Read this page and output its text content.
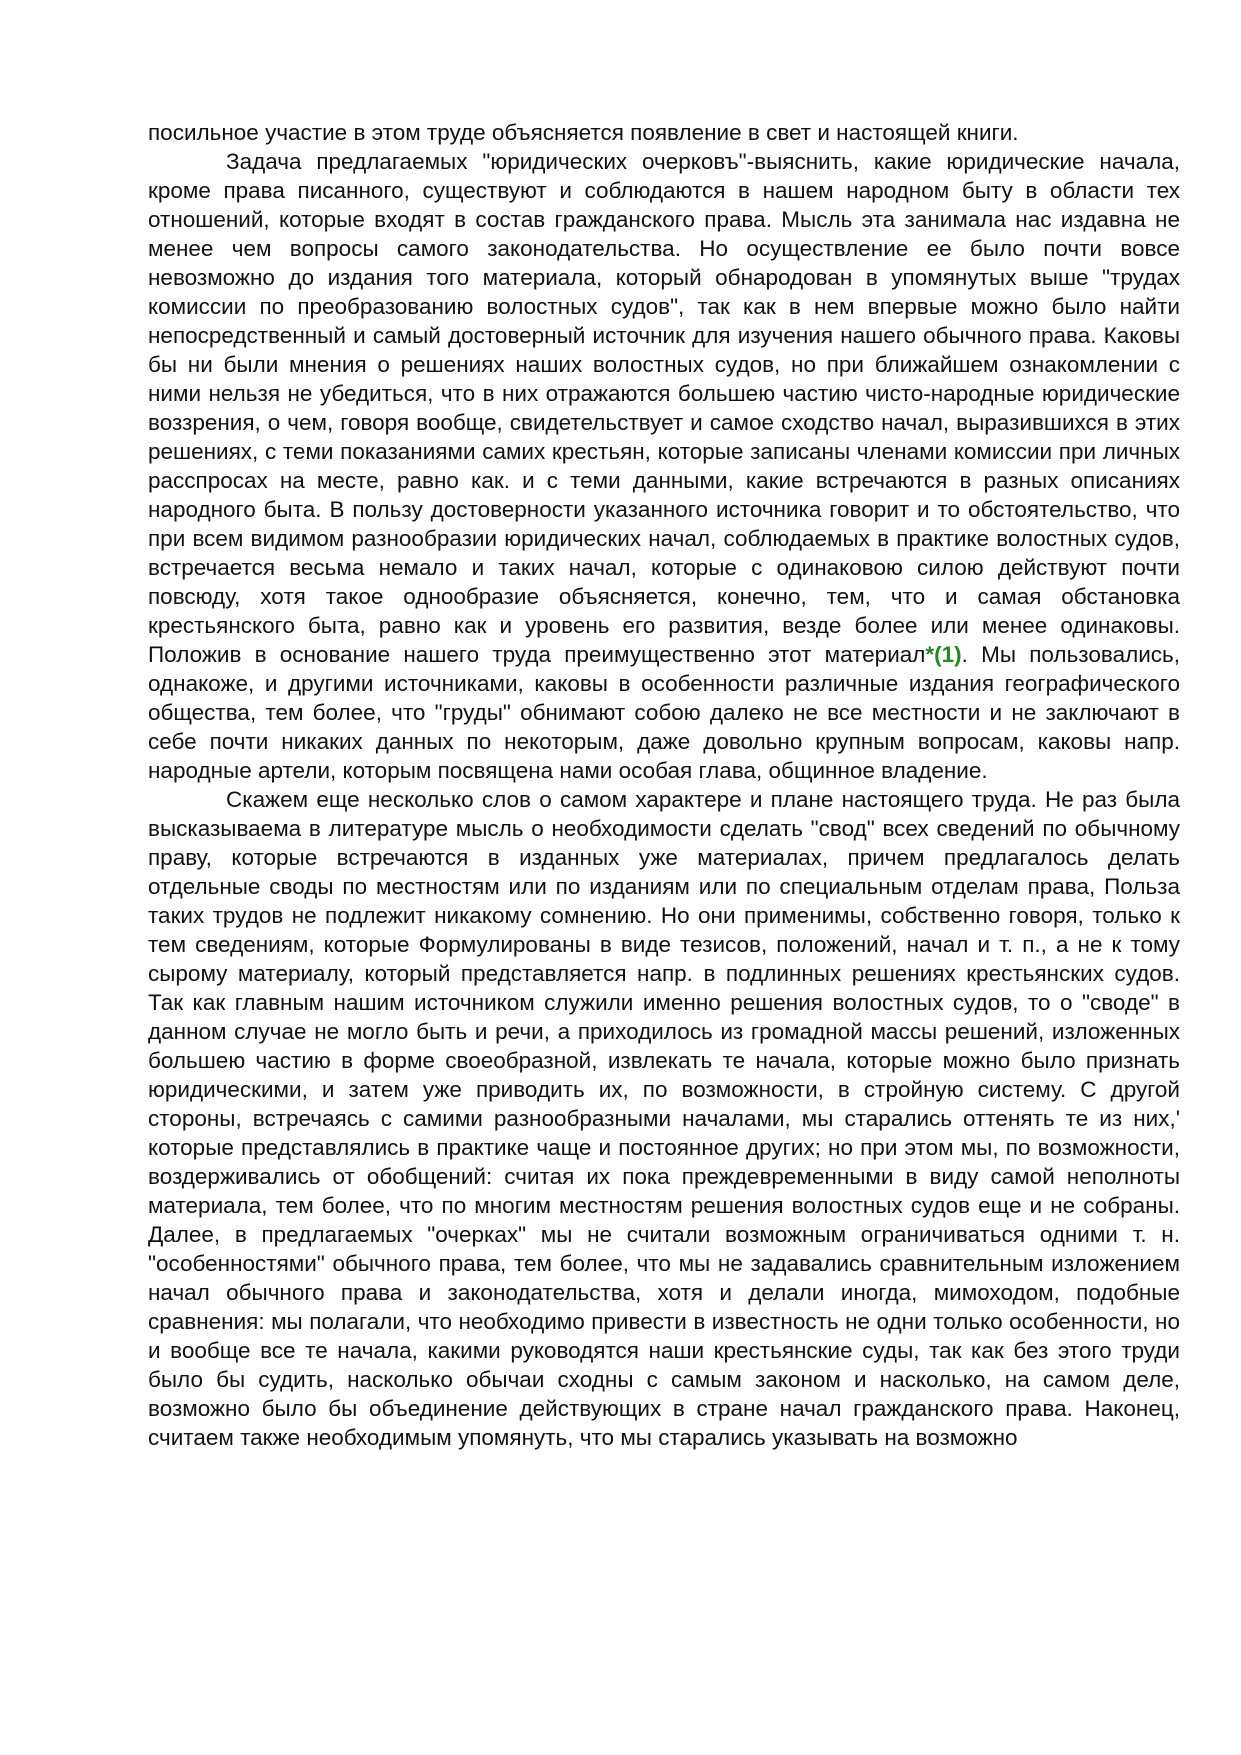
посильное участие в этом труде объясняется появление в свет и настоящей книги.

Задача предлагаемых "юридических очерковъ"-выяснить, какие юридические начала, кроме права писанного, существуют и соблюдаются в нашем народном быту в области тех отношений, которые входят в состав гражданского права. Мысль эта занимала нас издавна не менее чем вопросы самого законодательства. Но осуществление ее было почти вовсе невозможно до издания того материала, который обнародован в упомянутых выше "трудах комиссии по преобразованию волостных судов", так как в нем впервые можно было найти непосредственный и самый достоверный источник для изучения нашего обычного права. Каковы бы ни были мнения о решениях наших волостных судов, но при ближайшем ознакомлении с ними нельзя не убедиться, что в них отражаются большею частию чисто-народные юридические воззрения, о чем, говоря вообще, свидетельствует и самое сходство начал, выразившихся в этих решениях, с теми показаниями самих крестьян, которые записаны членами комиссии при личных расспросах на месте, равно как. и с теми данными, какие встречаются в разных описаниях народного быта. В пользу достоверности указанного источника говорит и то обстоятельство, что при всем видимом разнообразии юридических начал, соблюдаемых в практике волостных судов, встречается весьма немало и таких начал, которые с одинаковою силою действуют почти повсюду, хотя такое однообразие объясняется, конечно, тем, что и самая обстановка крестьянского быта, равно как и уровень его развития, везде более или менее одинаковы. Положив в основание нашего труда преимущественно этот материал*(1). Мы пользовались, однакоже, и другими источниками, каковы в особенности различные издания географического общества, тем более, что "груды" обнимают собою далеко не все местности и не заключают в себе почти никаких данных по некоторым, даже довольно крупным вопросам, каковы напр. народные артели, которым посвящена нами особая глава, общинное владение.

Скажем еще несколько слов о самом характере и плане настоящего труда. Не раз была высказываема в литературе мысль о необходимости сделать "свод" всех сведений по обычному праву, которые встречаются в изданных уже материалах, причем предлагалось делать отдельные своды по местностям или по изданиям или по специальным отделам права, Польза таких трудов не подлежит никакому сомнению. Но они применимы, собственно говоря, только к тем сведениям, которые Формулированы в виде тезисов, положений, начал и т. п., а не к тому сырому материалу, который представляется напр. в подлинных решениях крестьянских судов. Так как главным нашим источником служили именно решения волостных судов, то о "своде" в данном случае не могло быть и речи, а приходилось из громадной массы решений, изложенных большею частию в форме своеобразной, извлекать те начала, которые можно было признать юридическими, и затем уже приводить их, по возможности, в стройную систему. С другой стороны, встречаясь с самими разнообразными началами, мы старались оттенять те из них,' которые представлялись в практике чаще и постоянное других; но при этом мы, по возможности, воздерживались от обобщений: считая их пока преждевременными в виду самой неполноты материала, тем более, что по многим местностям решения волостных судов еще и не собраны. Далее, в предлагаемых "очерках" мы не считали возможным ограничиваться одними т. н. "особенностями" обычного права, тем более, что мы не задавались сравнительным изложением начал обычного права и законодательства, хотя и делали иногда, мимоходом, подобные сравнения: мы полагали, что необходимо привести в известность не одни только особенности, но и вообще все те начала, какими руководятся наши крестьянские суды, так как без этого труди было бы судить, насколько обычаи сходны с самым законом и насколько, на самом деле, возможно было бы объединение действующих в стране начал гражданского права. Наконец, считаем также необходимым упомянуть, что мы старались указывать на возможно
